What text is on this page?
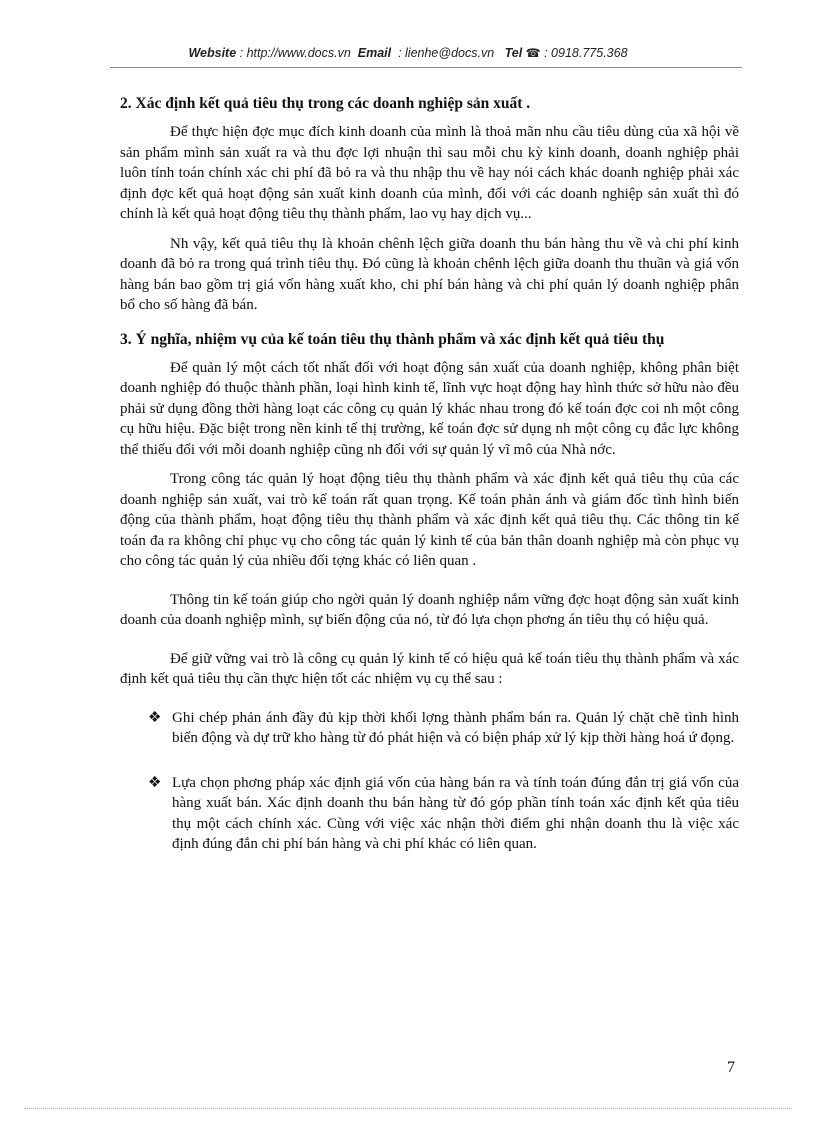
Website : http://www.docs.vn Email : lienhe@docs.vn Tel ☎ : 0918.775.368
2. Xác định kết quả tiêu thụ trong các doanh nghiệp sản xuất .

Để thực hiện đợc mục đích kinh doanh của mình là thoả mãn nhu cầu tiêu dùng của xã hội về sản phẩm mình sản xuất ra và thu đợc lợi nhuận thì sau mỗi chu kỳ kinh doanh, doanh nghiệp phải luôn tính toán chính xác chi phí đã bỏ ra và thu nhập thu về hay nói cách khác doanh nghiệp phải xác định đợc kết quả hoạt động sản xuất kinh doanh của mình, đối với các doanh nghiệp sản xuất thì đó chính là kết quả hoạt động tiêu thụ thành phẩm, lao vụ hay dịch vụ...

Nh vậy, kết quả tiêu thụ là khoản chênh lệch giữa doanh thu bán hàng thu về và chi phí kinh doanh đã bỏ ra trong quá trình tiêu thụ. Đó cũng là khoản chênh lệch giữa doanh thu thuần và giá vốn hàng bán bao gồm trị giá vốn hàng xuất kho, chi phí bán hàng và chi phí quản lý doanh nghiệp phân bổ cho số hàng đã bán.

3. Ý nghĩa, nhiệm vụ của kế toán tiêu thụ thành phẩm và xác định kết quả tiêu thụ

Để quản lý một cách tốt nhất đối với hoạt động sản xuất của doanh nghiệp, không phân biệt doanh nghiệp đó thuộc thành phần, loại hình kinh tế, lĩnh vực hoạt động hay hình thức sở hữu nào đều phải sử dụng đồng thời hàng loạt các công cụ quản lý khác nhau trong đó kế toán đợc coi nh một công cụ hữu hiệu. Đặc biệt trong nền kinh tế thị trường, kế toán đợc sử dụng nh một công cụ đắc lực không thể thiếu đối với mỗi doanh nghiệp cũng nh đối với sự quản lý vĩ mô của Nhà nớc.

Trong công tác quản lý hoạt động tiêu thụ thành phẩm và xác định kết quả tiêu thụ của các doanh nghiệp sản xuất, vai trò kế toán rất quan trọng. Kế toán phản ánh và giám đốc tình hình biến động của thành phẩm, hoạt động tiêu thụ thành phẩm và xác định kết quả tiêu thụ. Các thông tin kế toán đa ra không chỉ phục vụ cho công tác quản lý kinh tế của bản thân doanh nghiệp mà còn phục vụ cho công tác quản lý của nhiều đối tợng khác có liên quan .

Thông tin kế toán giúp cho ngời quản lý doanh nghiệp nắm vững đợc hoạt động sản xuất kinh doanh của doanh nghiệp mình, sự biến động của nó, từ đó lựa chọn phơng án tiêu thụ có hiệu quả.

Để giữ vững vai trò là công cụ quản lý kinh tế có hiệu quả kế toán tiêu thụ thành phẩm và xác định kết quả tiêu thụ cần thực hiện tốt các nhiệm vụ cụ thể sau :

❖ Ghi chép phản ánh đầy đủ kịp thời khối lợng thành phẩm bán ra. Quản lý chặt chẽ tình hình biến động và dự trữ kho hàng từ đó phát hiện và có biện pháp xử lý kịp thời hàng hoá ứ đọng.
❖ Lựa chọn phơng pháp xác định giá vốn của hàng bán ra và tính toán đúng đắn trị giá vốn của hàng xuất bán. Xác định doanh thu bán hàng từ đó góp phần tính toán xác định kết qủa tiêu thụ một cách chính xác. Cùng với việc xác nhận thời điểm ghi nhận doanh thu là việc xác định đúng đắn chi phí bán hàng và chi phí khác có liên quan.
7
